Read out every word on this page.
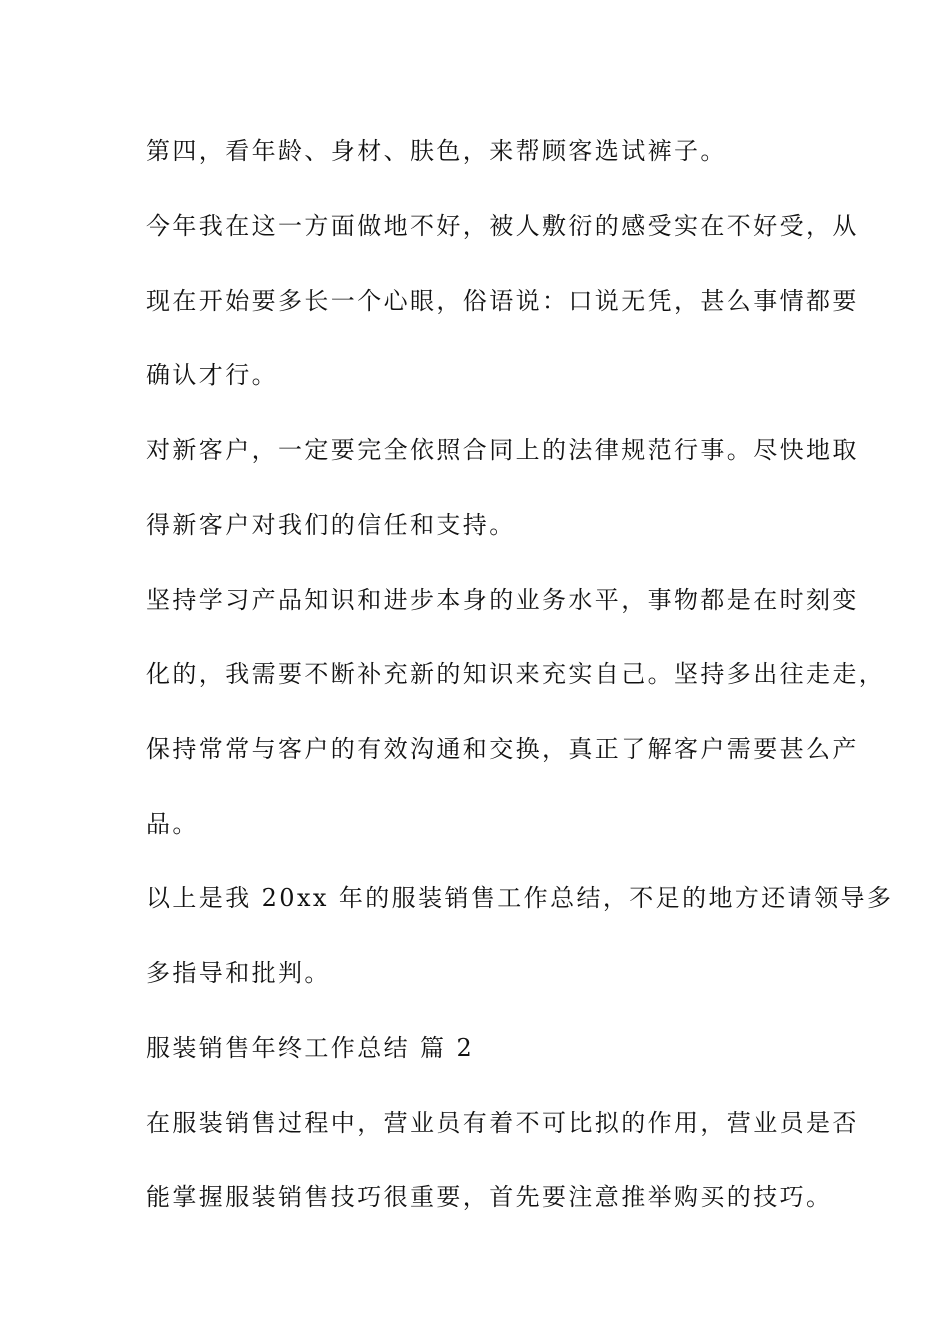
第四，看年龄、身材、肤色，来帮顾客选试裤子。
今年我在这一方面做地不好，被人敷衍的感受实在不好受，从
现在开始要多长一个心眼，俗语说：口说无凭，甚么事情都要
确认才行。
对新客户，一定要完全依照合同上的法律规范行事。尽快地取
得新客户对我们的信任和支持。
坚持学习产品知识和进步本身的业务水平，事物都是在时刻变
化的，我需要不断补充新的知识来充实自己。坚持多出往走走，
保持常常与客户的有效沟通和交换，真正了解客户需要甚么产
品。
以上是我 20xx 年的服装销售工作总结，不足的地方还请领导多
多指导和批判。
服装销售年终工作总结 篇 2
在服装销售过程中，营业员有着不可比拟的作用，营业员是否
能掌握服装销售技巧很重要，首先要注意推举购买的技巧。
